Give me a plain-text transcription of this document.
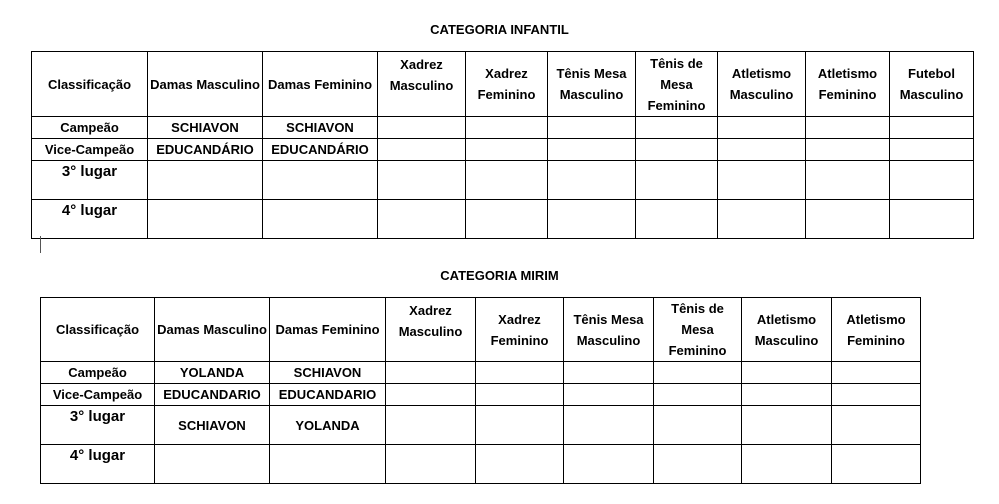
CATEGORIA INFANTIL
Classificação	Damas Masculino	Damas Feminino	Xadrez Masculino	Xadrez Feminino	Tênis Mesa Masculino	Tênis de Mesa Feminino	Atletismo Masculino	Atletismo Feminino	Futebol Masculino
Campeão	SCHIAVON	SCHIAVON							
Vice-Campeão	EDUCANDÁRIO	EDUCANDÁRIO							
3° lugar									
4° lugar									
CATEGORIA MIRIM
Classificação	Damas Masculino	Damas Feminino	Xadrez Masculino	Xadrez Feminino	Tênis Mesa Masculino	Tênis de Mesa Feminino	Atletismo Masculino	Atletismo Feminino
Campeão	YOLANDA	SCHIAVON						
Vice-Campeão	EDUCANDARIO	EDUCANDARIO						
3° lugar	SCHIAVON	YOLANDA						
4° lugar								
